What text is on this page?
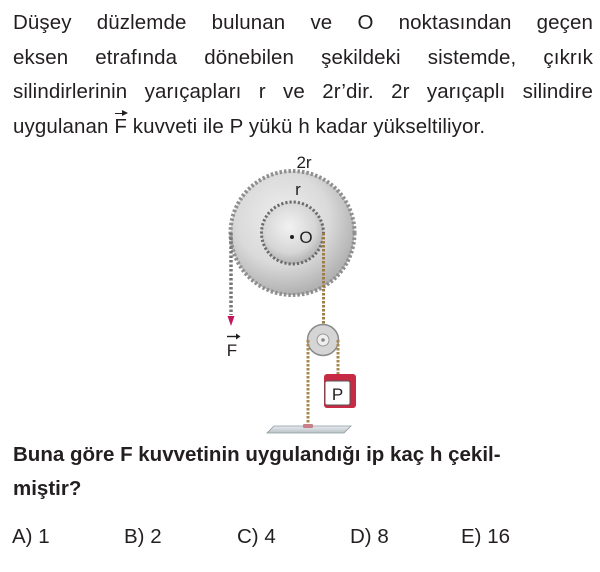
Düşey düzlemde bulunan ve O noktasından geçen
eksen etrafında dönebilen şekildeki sistemde, çıkrık
silindirlerinin yarıçapları r ve 2r’dir. 2r yarıçaplı silindire
uygulanan F kuvveti ile P yükü h kadar yükseltiliyor.
2r
r
O
F
P
Buna göre F kuvvetinin uygulandığı ip kaç h çekil-
miştir?
A) 1	B) 2	C) 4	D) 8	E) 16
